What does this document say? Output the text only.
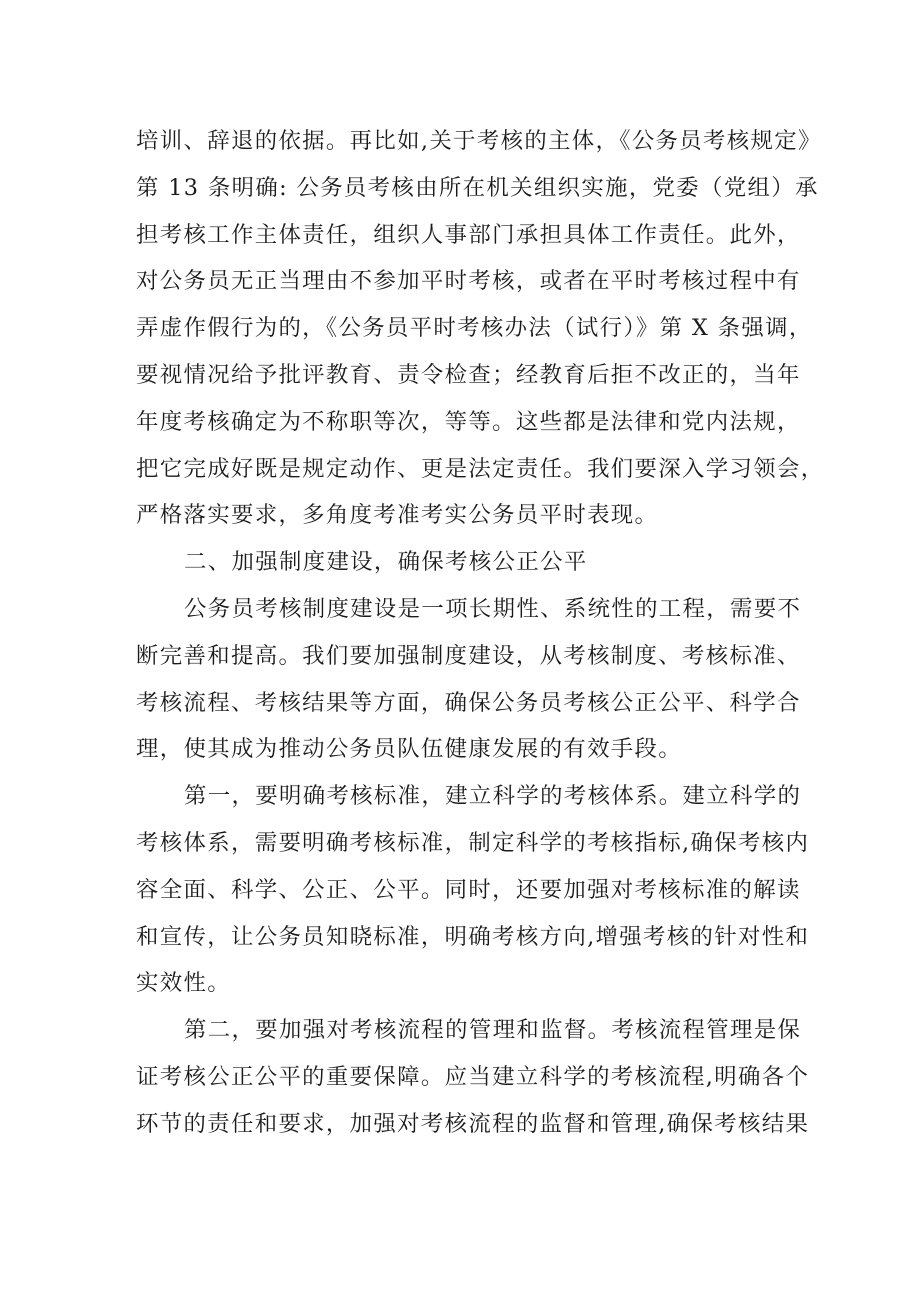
培训、辞退的依据。再比如,关于考核的主体，《公务员考核规定》
第 13 条明确: 公务员考核由所在机关组织实施，党委（党组）承
担考核工作主体责任，组织人事部门承担具体工作责任。此外，
对公务员无正当理由不参加平时考核，或者在平时考核过程中有
弄虚作假行为的，《公务员平时考核办法（试行）》第 X 条强调，
要视情况给予批评教育、责令检查；经教育后拒不改正的，当年
年度考核确定为不称职等次，等等。这些都是法律和党内法规，
把它完成好既是规定动作、更是法定责任。我们要深入学习领会，
严格落实要求，多角度考准考实公务员平时表现。
二、加强制度建设，确保考核公正公平
公务员考核制度建设是一项长期性、系统性的工程，需要不
断完善和提高。我们要加强制度建设，从考核制度、考核标准、
考核流程、考核结果等方面，确保公务员考核公正公平、科学合
理，使其成为推动公务员队伍健康发展的有效手段。
第一，要明确考核标准，建立科学的考核体系。建立科学的
考核体系，需要明确考核标准，制定科学的考核指标,确保考核内
容全面、科学、公正、公平。同时，还要加强对考核标准的解读
和宣传，让公务员知晓标准，明确考核方向,增强考核的针对性和
实效性。
第二，要加强对考核流程的管理和监督。考核流程管理是保
证考核公正公平的重要保障。应当建立科学的考核流程,明确各个
环节的责任和要求，加强对考核流程的监督和管理,确保考核结果
